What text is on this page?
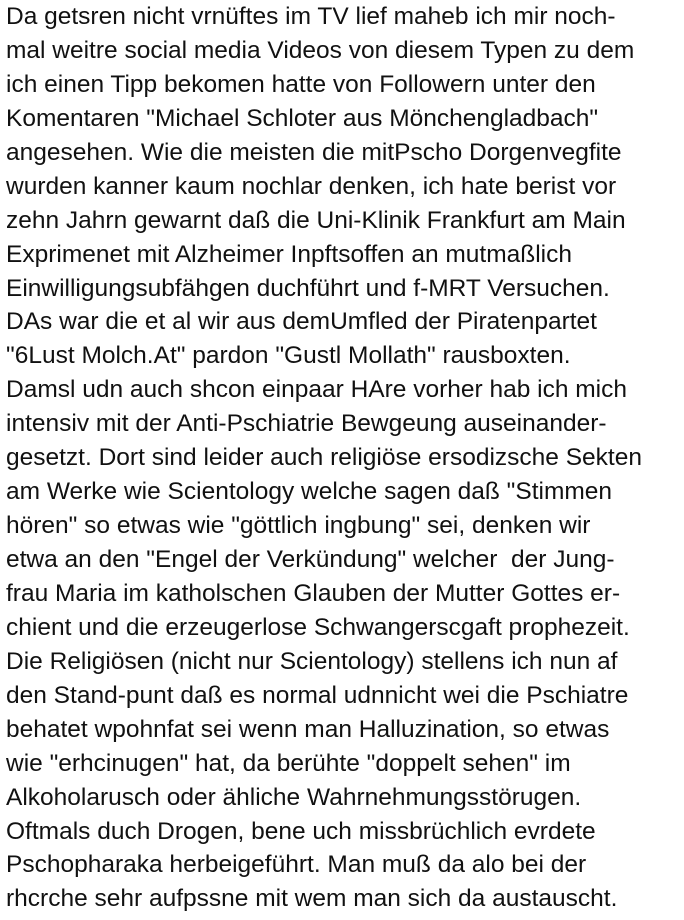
Da getsren nicht vrnüftes im TV lief maheb ich mir noch-
mal weitre social media Videos von diesem Typen zu dem
ich einen Tipp bekomen hatte von Followern unter den
Komentaren "Michael Schloter aus Mönchengladbach"
angesehen. Wie die meisten die mitPscho Dorgenvegfite
wurden kanner kaum nochlar denken, ich hate berist vor
zehn Jahrn gewarnt daß die Uni-Klinik Frankfurt am Main
Exprimenet mit Alzheimer Inpftsoffen an mutmaßlich
Einwilligungsubfähgen duchführt und f-MRT Versuchen.
DAs war die et al wir aus demUmfled der Piratenpartet
"6Lust Molch.At" pardon "Gustl Mollath" rausboxten.
Damsl udn auch shcon einpaar HAre vorher hab ich mich
intensiv mit der Anti-Pschiatrie Bewgeung auseinander-
gesetzt. Dort sind leider auch religiöse ersodizsche Sekten
am Werke wie Scientology welche sagen daß "Stimmen
hören" so etwas wie "göttlich ingbung" sei, denken wir
etwa an den "Engel der Verkündung" welcher  der Jung-
frau Maria im katholschen Glauben der Mutter Gottes er-
chient und die erzeugerlose Schwangerscgaft prophezeit.
Die Religiösen (nicht nur Scientology) stellens ich nun af
den Stand-punt daß es normal udnnicht wei die Pschiatre
behatet wpohnfat sei wenn man Halluzination, so etwas
wie "erhcinugen" hat, da berühte "doppelt sehen" im
Alkoholarusch oder ähliche Wahrnehmungsstörugen.
Oftmals duch Drogen, bene uch missbrüchlich evrdete
Pschopharaka herbeigeführt. Man muß da alo bei der
rhcrche sehr aufpssne mit wem man sich da austauscht.
